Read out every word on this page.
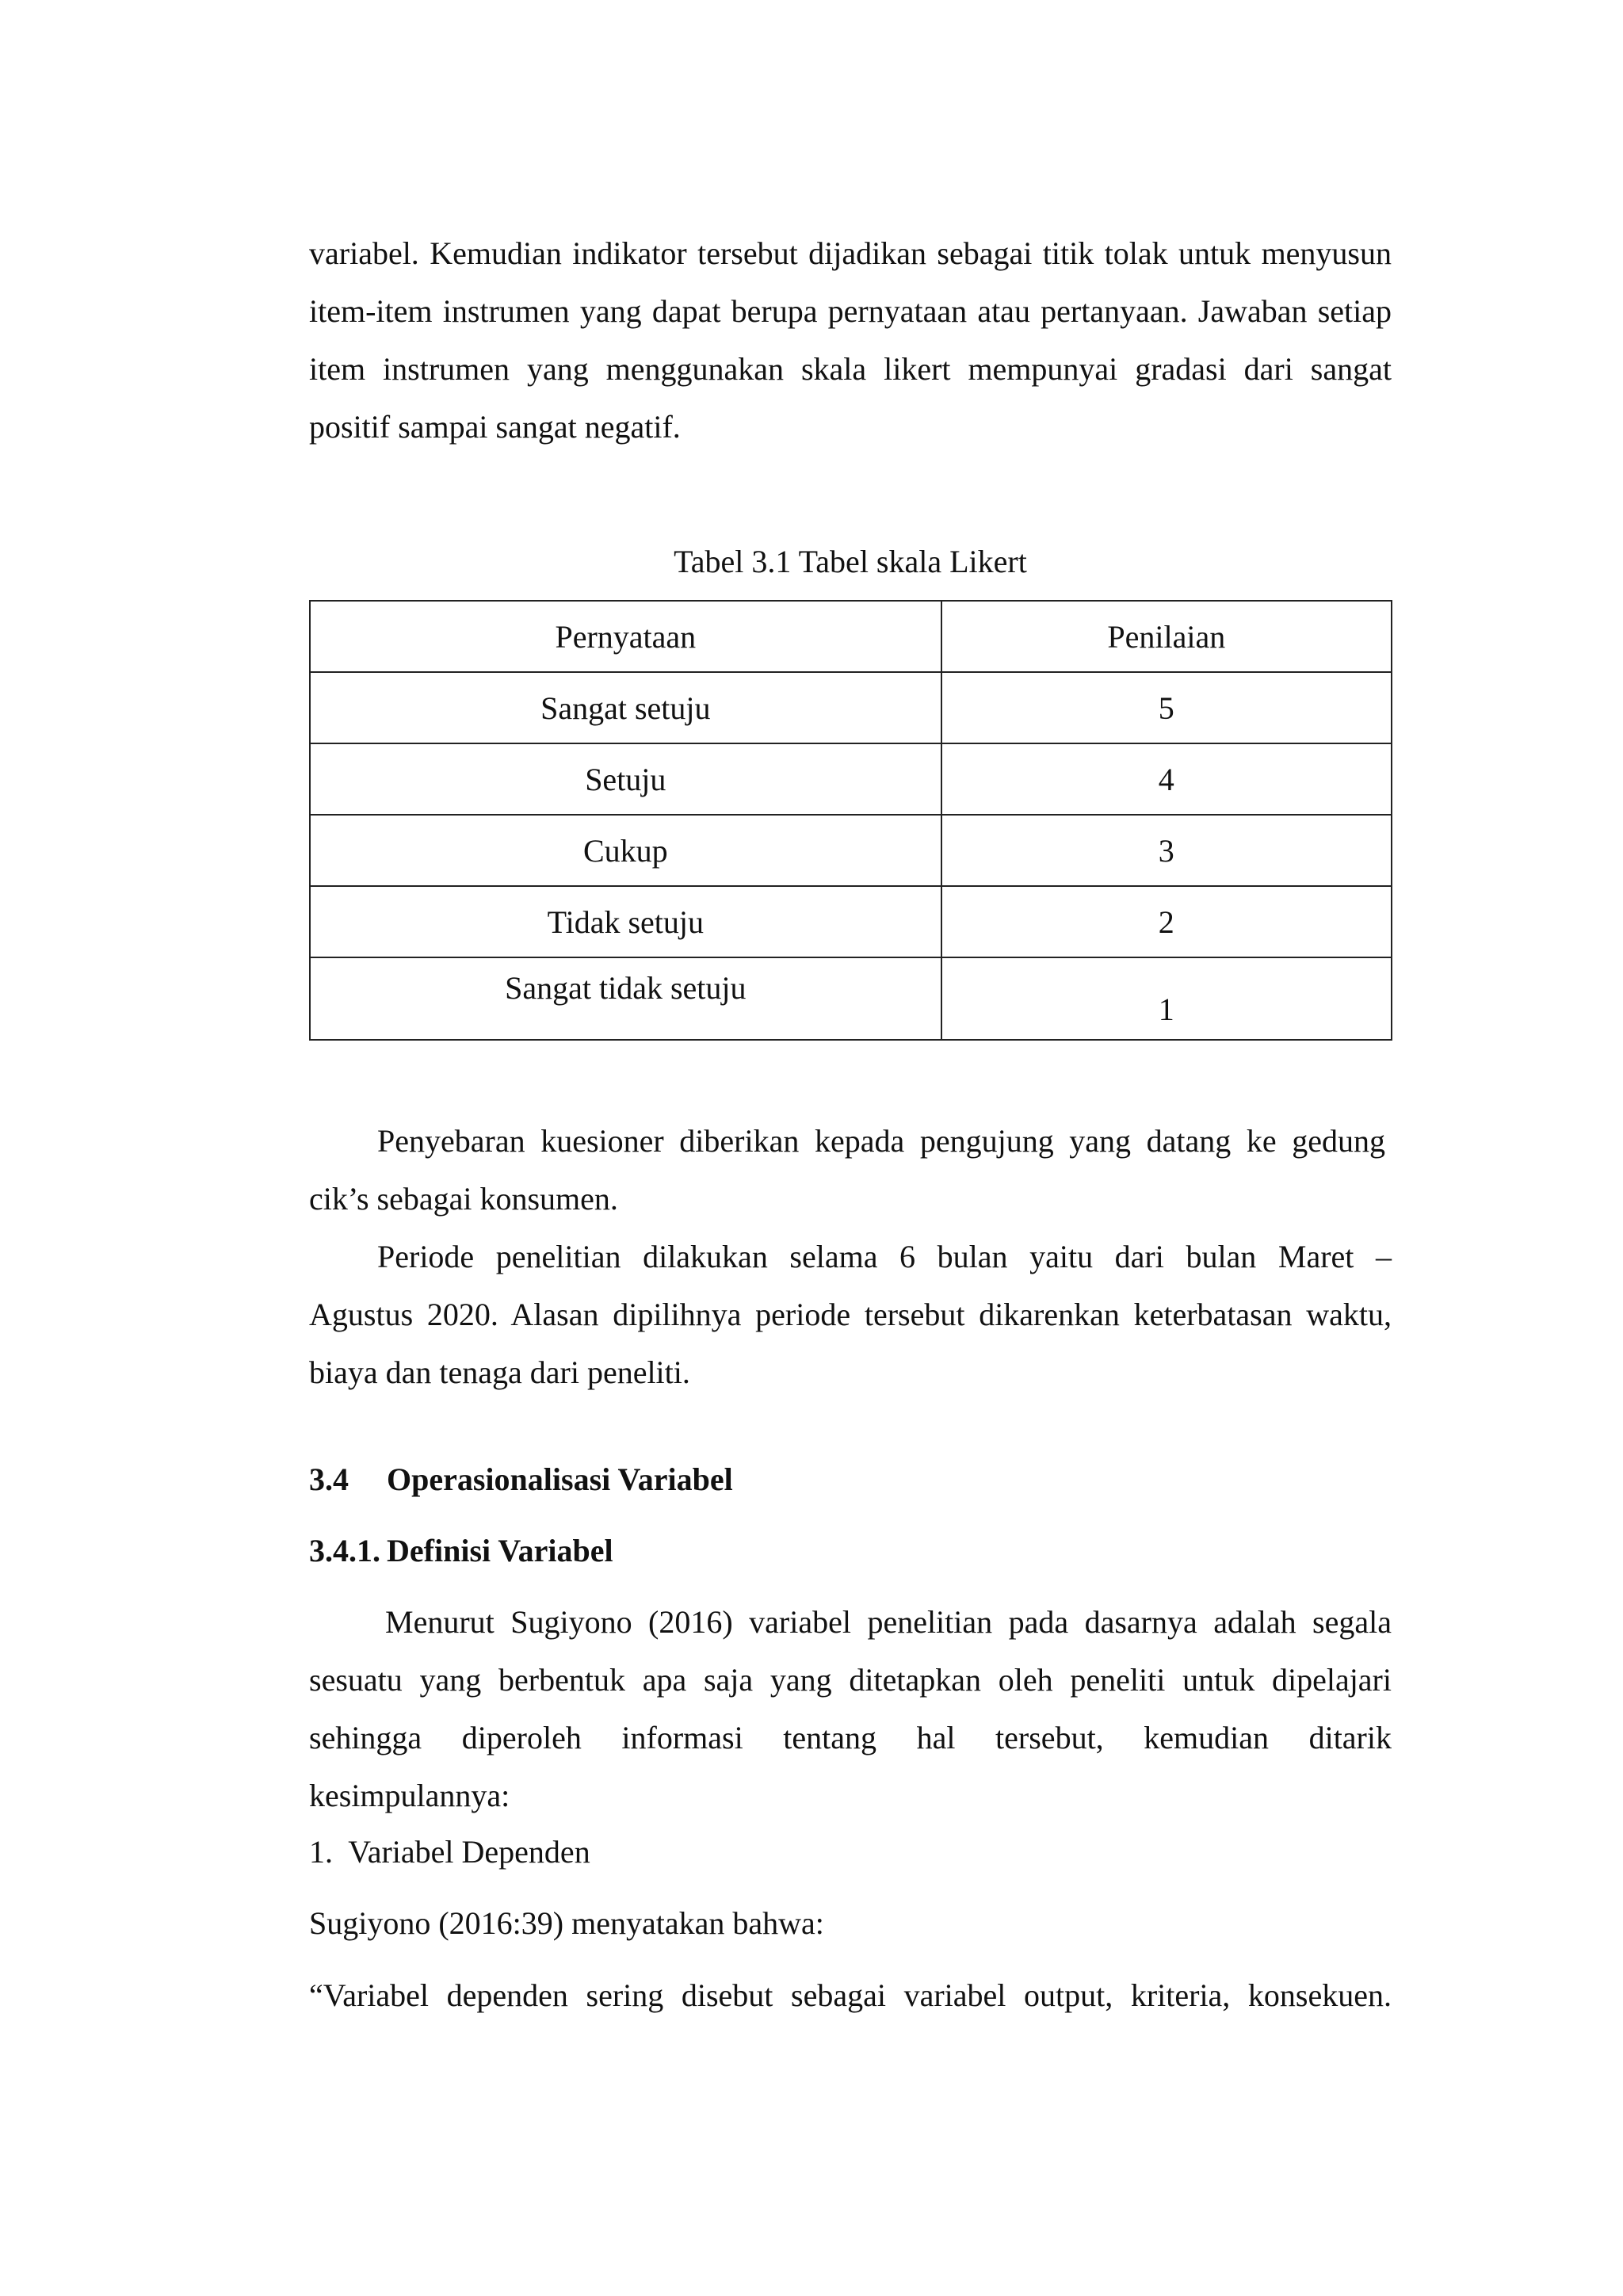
variabel. Kemudian indikator tersebut dijadikan sebagai titik tolak untuk menyusun item-item instrumen yang dapat berupa pernyataan atau pertanyaan. Jawaban setiap item instrumen yang menggunakan skala likert mempunyai gradasi dari sangat positif sampai sangat negatif.

Tabel 3.1 Tabel skala Likert
Pernyataan	Penilaian
Sangat setuju	5
Setuju	4
Cukup	3
Tidak setuju	2
Sangat tidak setuju	1
Penyebaran kuesioner diberikan kepada pengujung yang datang ke gedung
cik’s sebagai konsumen.
Periode penelitian dilakukan selama 6 bulan yaitu dari bulan Maret –
Agustus 2020. Alasan dipilihnya periode tersebut dikarenkan keterbatasan waktu,
biaya dan tenaga dari peneliti.
3.4 Operasionalisasi Variabel
3.4.1.  Definisi Variabel
Menurut Sugiyono (2016) variabel penelitian pada dasarnya adalah segala
sesuatu yang berbentuk apa saja yang ditetapkan oleh peneliti untuk dipelajari
sehingga diperoleh informasi tentang hal tersebut, kemudian ditarik
kesimpulannya:
1.  Variabel Dependen
Sugiyono (2016:39) menyatakan bahwa:
“Variabel dependen sering disebut sebagai variabel output, kriteria, konsekuen.
